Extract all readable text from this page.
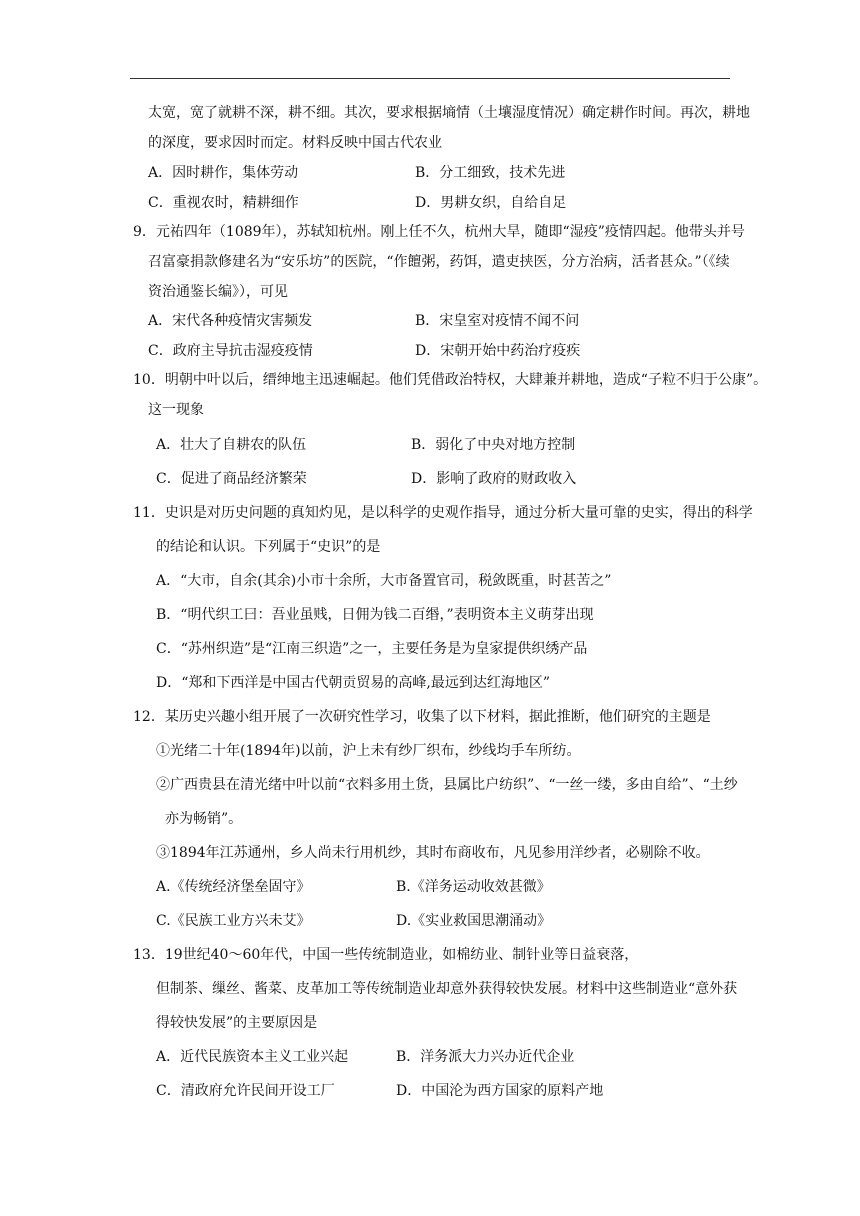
太宽，宽了就耕不深，耕不细。其次，要求根据墒情（土壤湿度情况）确定耕作时间。再次，耕地
的深度，要求因时而定。材料反映中国古代农业
A．因时耕作，集体劳动	B．分工细致，技术先进
C．重视农时，精耕细作	D．男耕女织，自给自足
9．元祐四年（1089年），苏轼知杭州。刚上任不久，杭州大旱，随即“湿疫”疫情四起。他带头并号
召富豪捐款修建名为“安乐坊”的医院，“作饘粥，药饵，遣吏挟医，分方治病，活者甚众。”（《续
资治通鉴长编》），可见
A．宋代各种疫情灾害频发	B．宋皇室对疫情不闻不问
C．政府主导抗击湿疫疫情	D．宋朝开始中药治疗疫疾
10．明朝中叶以后，缙绅地主迅速崛起。他们凭借政治特权，大肆兼并耕地，造成“子粒不归于公康”。
这一现象
A．壮大了自耕农的队伍	B．弱化了中央对地方控制
C．促进了商品经济繁荣	D．影响了政府的财政收入
11．史识是对历史问题的真知灼见，是以科学的史观作指导，通过分析大量可靠的史实，得出的科学
的结论和认识。下列属于“史识”的是
A．“大市，自余(其余)小市十余所，大市备置官司，税敛既重，时甚苦之”
B．“明代织工曰：吾业虽贱，日佣为钱二百缗，”表明资本主义萌芽出现
C．“苏州织造”是“江南三织造”之一，主要任务是为皇家提供织绣产品
D．“郑和下西洋是中国古代朝贡贸易的高峰,最远到达红海地区”
12．某历史兴趣小组开展了一次研究性学习，收集了以下材料，据此推断，他们研究的主题是
①光绪二十年(1894年)以前，沪上未有纱厂织布，纱线均手车所纺。
②广西贵县在清光绪中叶以前“衣料多用土货，县属比户纺织”、“一丝一缕，多由自给”、“土纱
亦为畅销”。
③1894年江苏通州，乡人尚未行用机纱，其时布商收布，凡见参用洋纱者，必剔除不收。
A.《传统经济堡垒固守》	B.《洋务运动收效甚微》
C.《民族工业方兴未艾》	D.《实业救国思潮涌动》
13．19世纪40～60年代，中国一些传统制造业，如棉纺业、制针业等日益衰落，
但制茶、缫丝、酱菜、皮革加工等传统制造业却意外获得较快发展。材料中这些制造业“意外获
得较快发展”的主要原因是
A．近代民族资本主义工业兴起	B．洋务派大力兴办近代企业
C．清政府允许民间开设工厂	D．中国沦为西方国家的原料产地
